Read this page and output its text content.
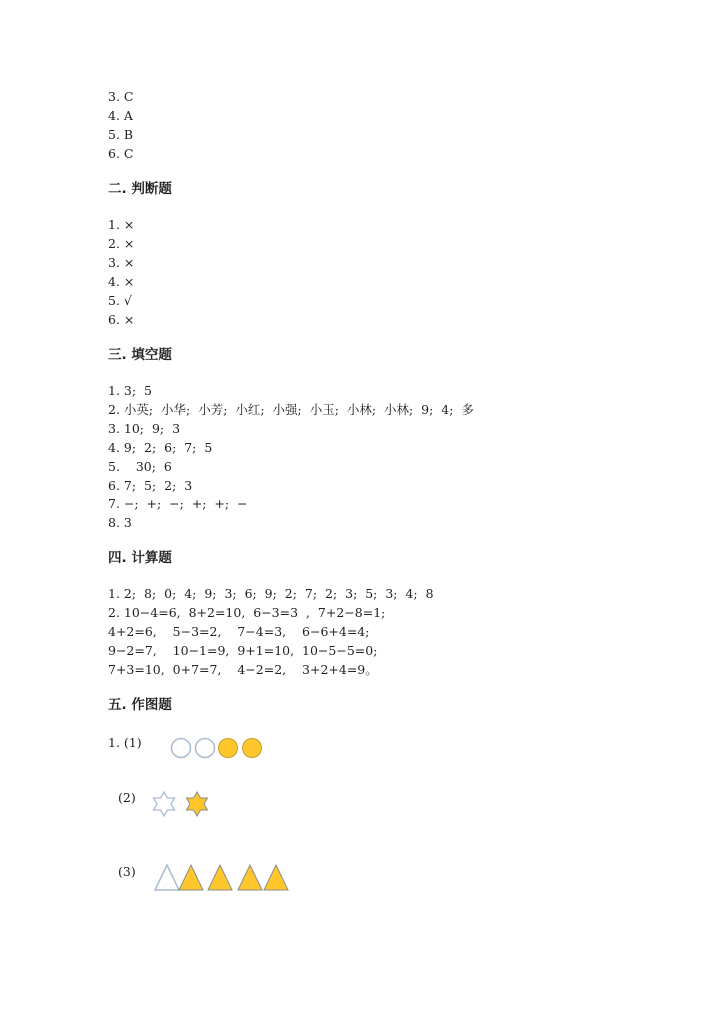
3. C
4. A
5. B
6. C
二. 判断题
1. ×
2. ×
3. ×
4. ×
5. √
6. ×
三. 填空题
1. 3;  5
2. 小英;  小华;  小芳;  小红;  小强;  小玉;  小林;  小林;  9;  4;  多
3. 10;  9;  3
4. 9;  2;  6;  7;  5
5.    30;  6
6. 7;  5;  2;  3
7. −;  +;  −;  +;  +;  −
8. 3
四. 计算题
1. 2;  8;  0;  4;  9;  3;  6;  9;  2;  7;  2;  3;  5;  3;  4;  8
2. 10−4=6,  8+2=10,  6−3=3  ,  7+2−8=1;
4+2=6,    5−3=2,    7−4=3,    6−6+4=4;
9−2=7,    10−1=9,  9+1=10,  10−5−5=0;
7+3=10,  0+7=7,    4−2=2,    3+2+4=9。
五. 作图题
1. (1)
(2)
(3)
